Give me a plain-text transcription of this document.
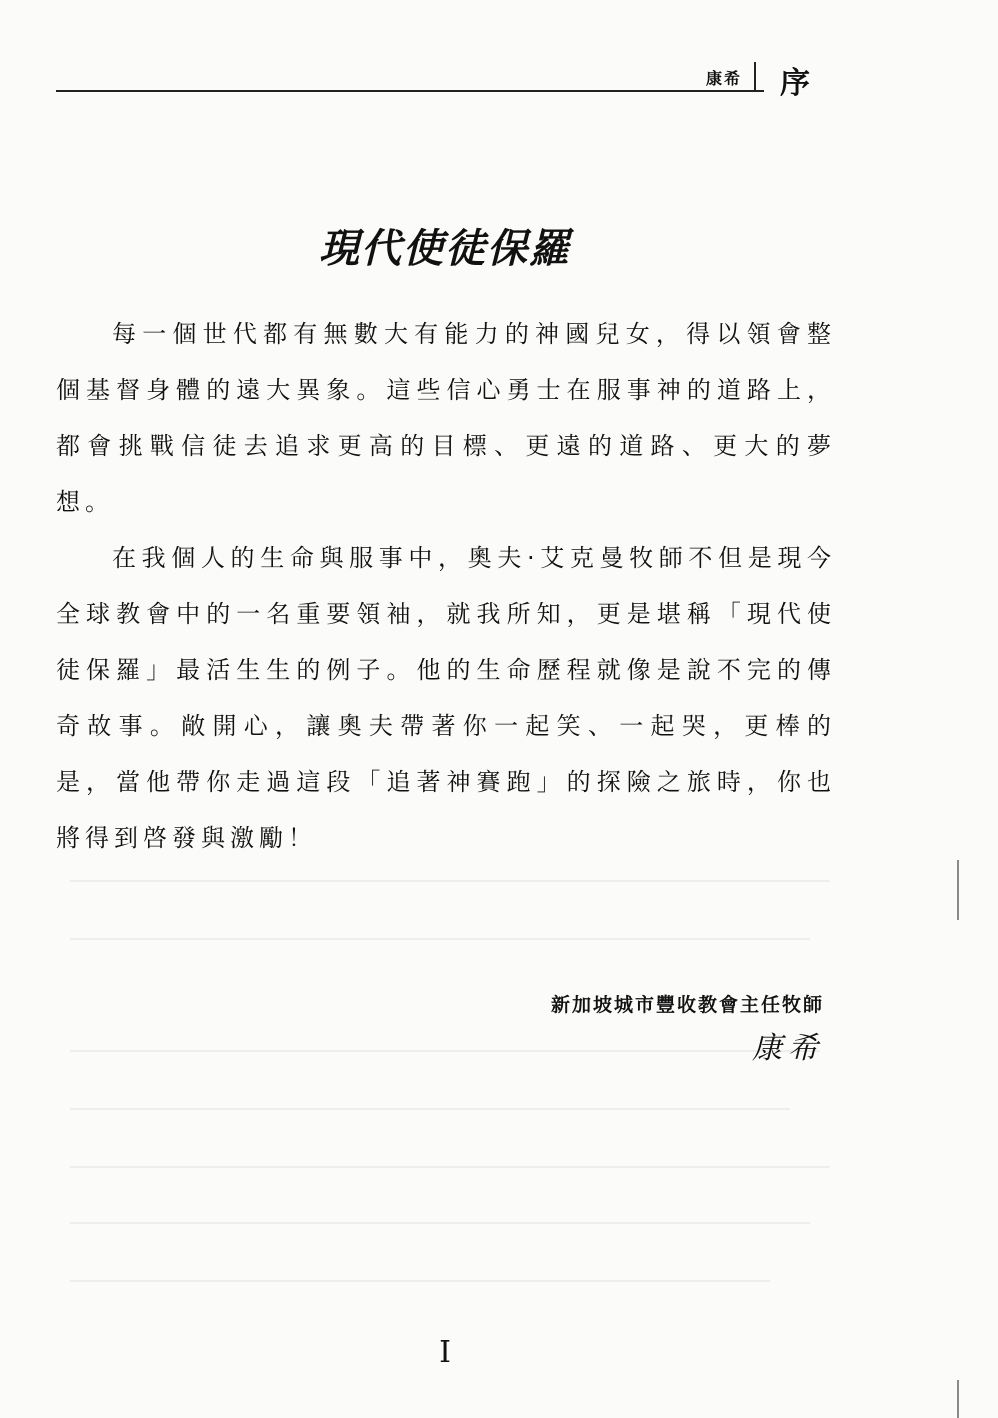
康希 序
現代使徒保羅

每一個世代都有無數大有能力的神國兒女，得以領會整個基督身體的遠大異象。這些信心勇士在服事神的道路上，都會挑戰信徒去追求更高的目標、更遠的道路、更大的夢想。

在我個人的生命與服事中，奧夫·艾克曼牧師不但是現今全球教會中的一名重要領袖，就我所知，更是堪稱「現代使徒保羅」最活生生的例子。他的生命歷程就像是說不完的傳奇故事。敞開心，讓奧夫帶著你一起笑、一起哭，更棒的是，當他帶你走過這段「追著神賽跑」的探險之旅時，你也將得到啓發與激勵！

新加坡城市豐收教會主任牧師
康希
I
